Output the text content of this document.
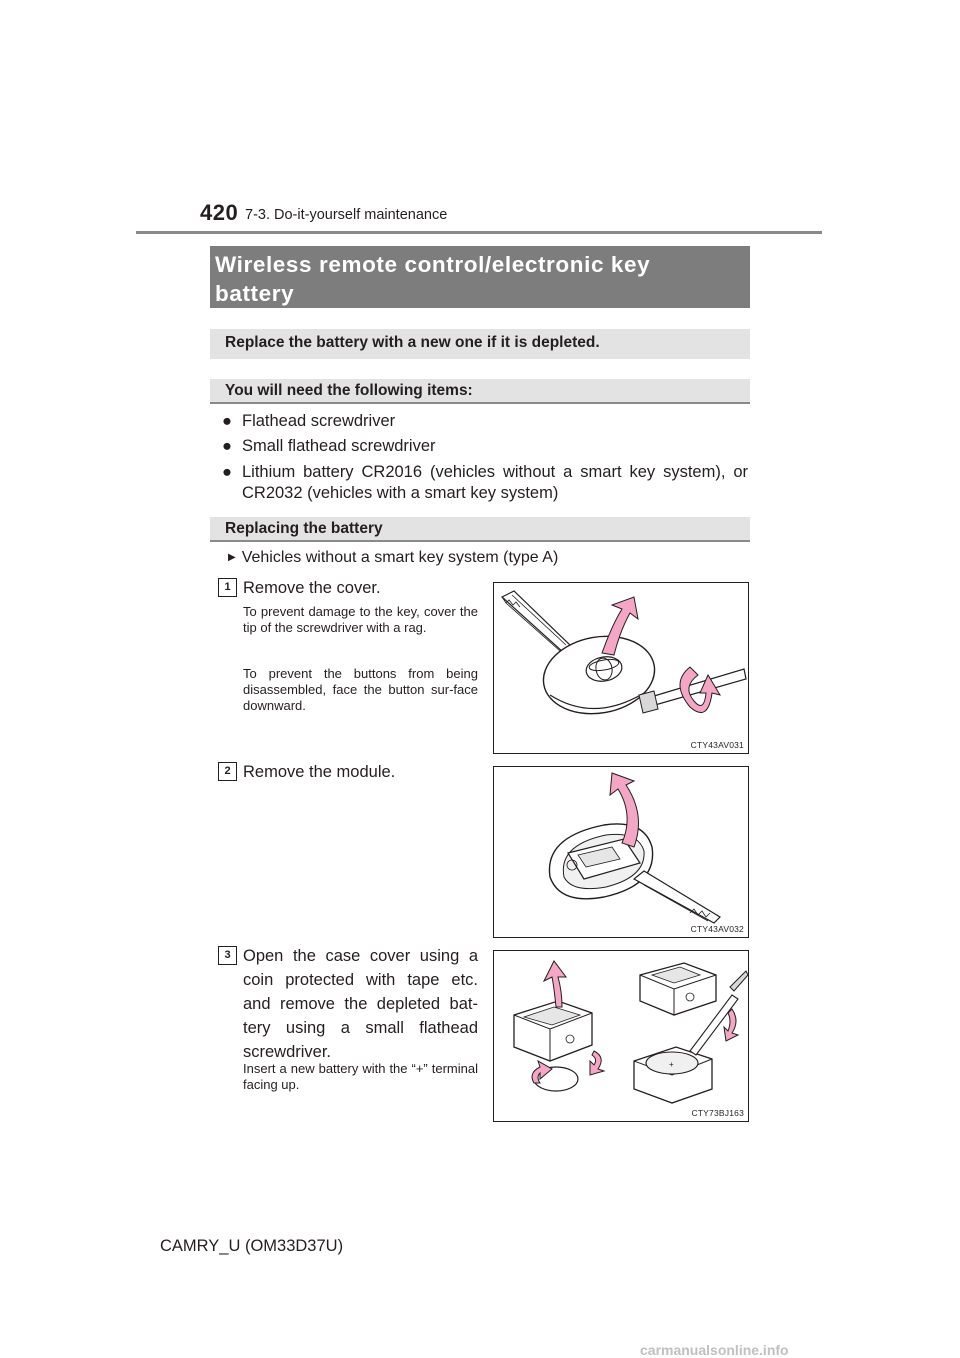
420 7-3. Do-it-yourself maintenance
Wireless remote control/electronic key
battery
Replace the battery with a new one if it is depleted.
You will need the following items:
● Flathead screwdriver
● Small flathead screwdriver
● Lithium battery CR2016 (vehicles without a smart key system), or
CR2032 (vehicles with a smart key system)
Replacing the battery
▶ Vehicles without a smart key system (type A)
1 Remove the cover.
To prevent damage to the key, cover the tip of the screwdriver with a rag.
To prevent the buttons from being disassembled, face the button sur-face downward.
CTY43AV031
2 Remove the module.
CTY43AV032
3 Open the case cover using a
coin protected with tape etc.
and remove the depleted bat-
tery using a small flathead
screwdriver.
Insert a new battery with the “+” terminal facing up.
+
CTY73BJ163
CAMRY_U (OM33D37U)
carmanualsonline.info
